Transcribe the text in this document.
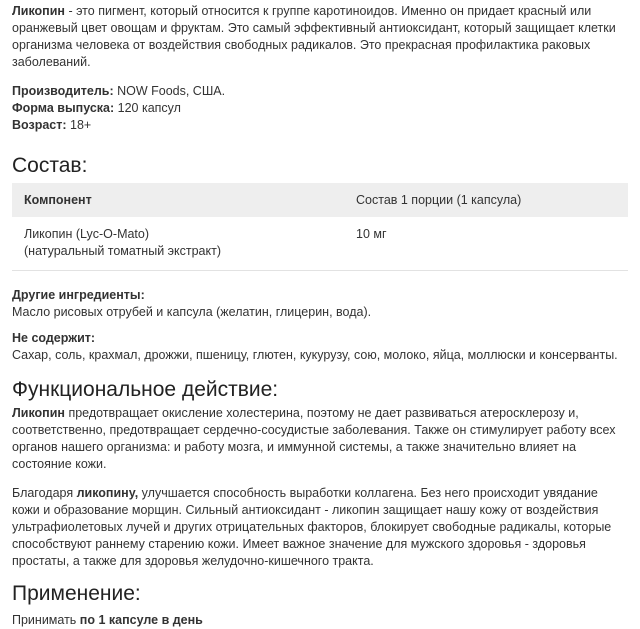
Ликопин - это пигмент, который относится к группе каротиноидов. Именно он придает красный или оранжевый цвет овощам и фруктам. Это самый эффективный антиоксидант, который защищает клетки организма человека от воздействия свободных радикалов. Это прекрасная профилактика раковых заболеваний.

Производитель: NOW Foods, США.

Форма выпуска: 120 капсул

Возраст: 18+

Состав:
Компонент	Состав 1 порции (1 капсула)

Ликопин (Lyc-O-Mato)
(натуральный томатный экстракт)	10 мг

Другие ингредиенты:

Масло рисовых отрубей и капсула (желатин, глицерин, вода).

Не содержит:

Сахар, соль, крахмал, дрожжи, пшеницу, глютен, кукурузу, сою, молоко, яйца, моллюски и консерванты.

Функциональное действие:

Ликопин предотвращает окисление холестерина, поэтому не дает развиваться атеросклерозу и, соответственно, предотвращает сердечно-сосудистые заболевания. Также он стимулирует работу всех органов нашего организма: и работу мозга, и иммунной системы, а также значительно влияет на состояние кожи.

Благодаря ликопину, улучшается способность выработки коллагена. Без него происходит увядание кожи и образование морщин. Сильный антиоксидант - ликопин защищает нашу кожу от воздействия ультрафиолетовых лучей и других отрицательных факторов, блокирует свободные радикалы, которые способствуют раннему старению кожи. Имеет важное значение для мужского здоровья - здоровья простаты, а также для здоровья желудочно-кишечного тракта.

Применение:

Принимать по 1 капсуле в день
